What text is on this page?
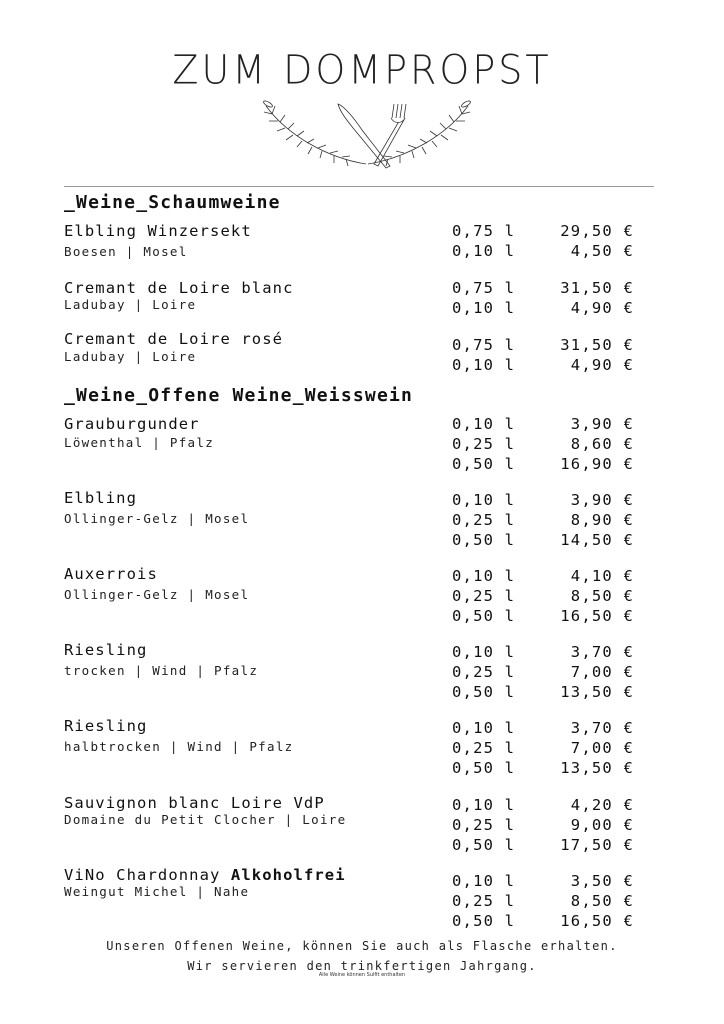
ZUM DOMPROPST
_Weine_Schaumweine
Elbling Winzersekt
Boesen | Mosel
0,75 l	29,50 €
0,10 l	4,50 €
Cremant de Loire blanc
Ladubay | Loire
0,75 l	31,50 €
0,10 l	4,90 €
Cremant de Loire rosé
Ladubay | Loire
0,75 l	31,50 €
0,10 l	4,90 €
_Weine_Offene Weine_Weisswein
Grauburgunder
Löwenthal | Pfalz
0,10 l	3,90 €
0,25 l	8,60 €
0,50 l	16,90 €
Elbling
Ollinger-Gelz | Mosel
0,10 l	3,90 €
0,25 l	8,90 €
0,50 l	14,50 €
Auxerrois
Ollinger-Gelz | Mosel
0,10 l	4,10 €
0,25 l	8,50 €
0,50 l	16,50 €
Riesling
trocken | Wind | Pfalz
0,10 l	3,70 €
0,25 l	7,00 €
0,50 l	13,50 €
Riesling
halbtrocken | Wind | Pfalz
0,10 l	3,70 €
0,25 l	7,00 €
0,50 l	13,50 €
Sauvignon blanc Loire VdP
Domaine du Petit Clocher | Loire
0,10 l	4,20 €
0,25 l	9,00 €
0,50 l	17,50 €
ViNo Chardonnay Alkoholfrei
Weingut Michel | Nahe
0,10 l	3,50 €
0,25 l	8,50 €
0,50 l	16,50 €
Unseren Offenen Weine, können Sie auch als Flasche erhalten.
Wir servieren den trinkfertigen Jahrgang.
Alle Weine können Sulfit enthalten
